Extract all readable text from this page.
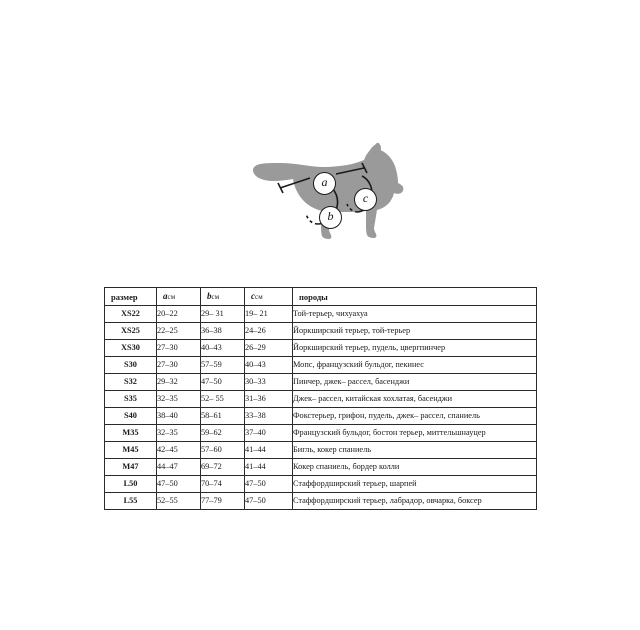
a
b
c
размер	aсм	bсм	cсм	породы
XS22	20–22	29– 31	19– 21	Той-терьер, чихуахуа
XS25	22–25	36–38	24–26	Йоркширский терьер, той-терьер
XS30	27–30	40–43	26–29	Йоркширский терьер, пудель, цвергпинчер
S30	27–30	57–59	40–43	Мопс, французский бульдог, пекинес
S32	29–32	47–50	30–33	Пинчер, джек– рассел, басенджи
S35	32–35	52– 55	31–36	Джек– рассел, китайская хохлатая, басенджи
S40	38–40	58–61	33–38	Фокстерьер, грифон, пудель, джек– рассел, спаниель
M35	32–35	59–62	37–40	Французский бульдог, бостон терьер, миттельшнауцер
M45	42–45	57–60	41–44	Бигль, кокер спаниель
M47	44–47	69–72	41–44	Кокер спаниель, бордер колли
L50	47–50	70–74	47–50	Стаффордширский терьер, шарпей
L55	52–55	77–79	47–50	Стаффордширский терьер, лабрадор, овчарка, боксер
